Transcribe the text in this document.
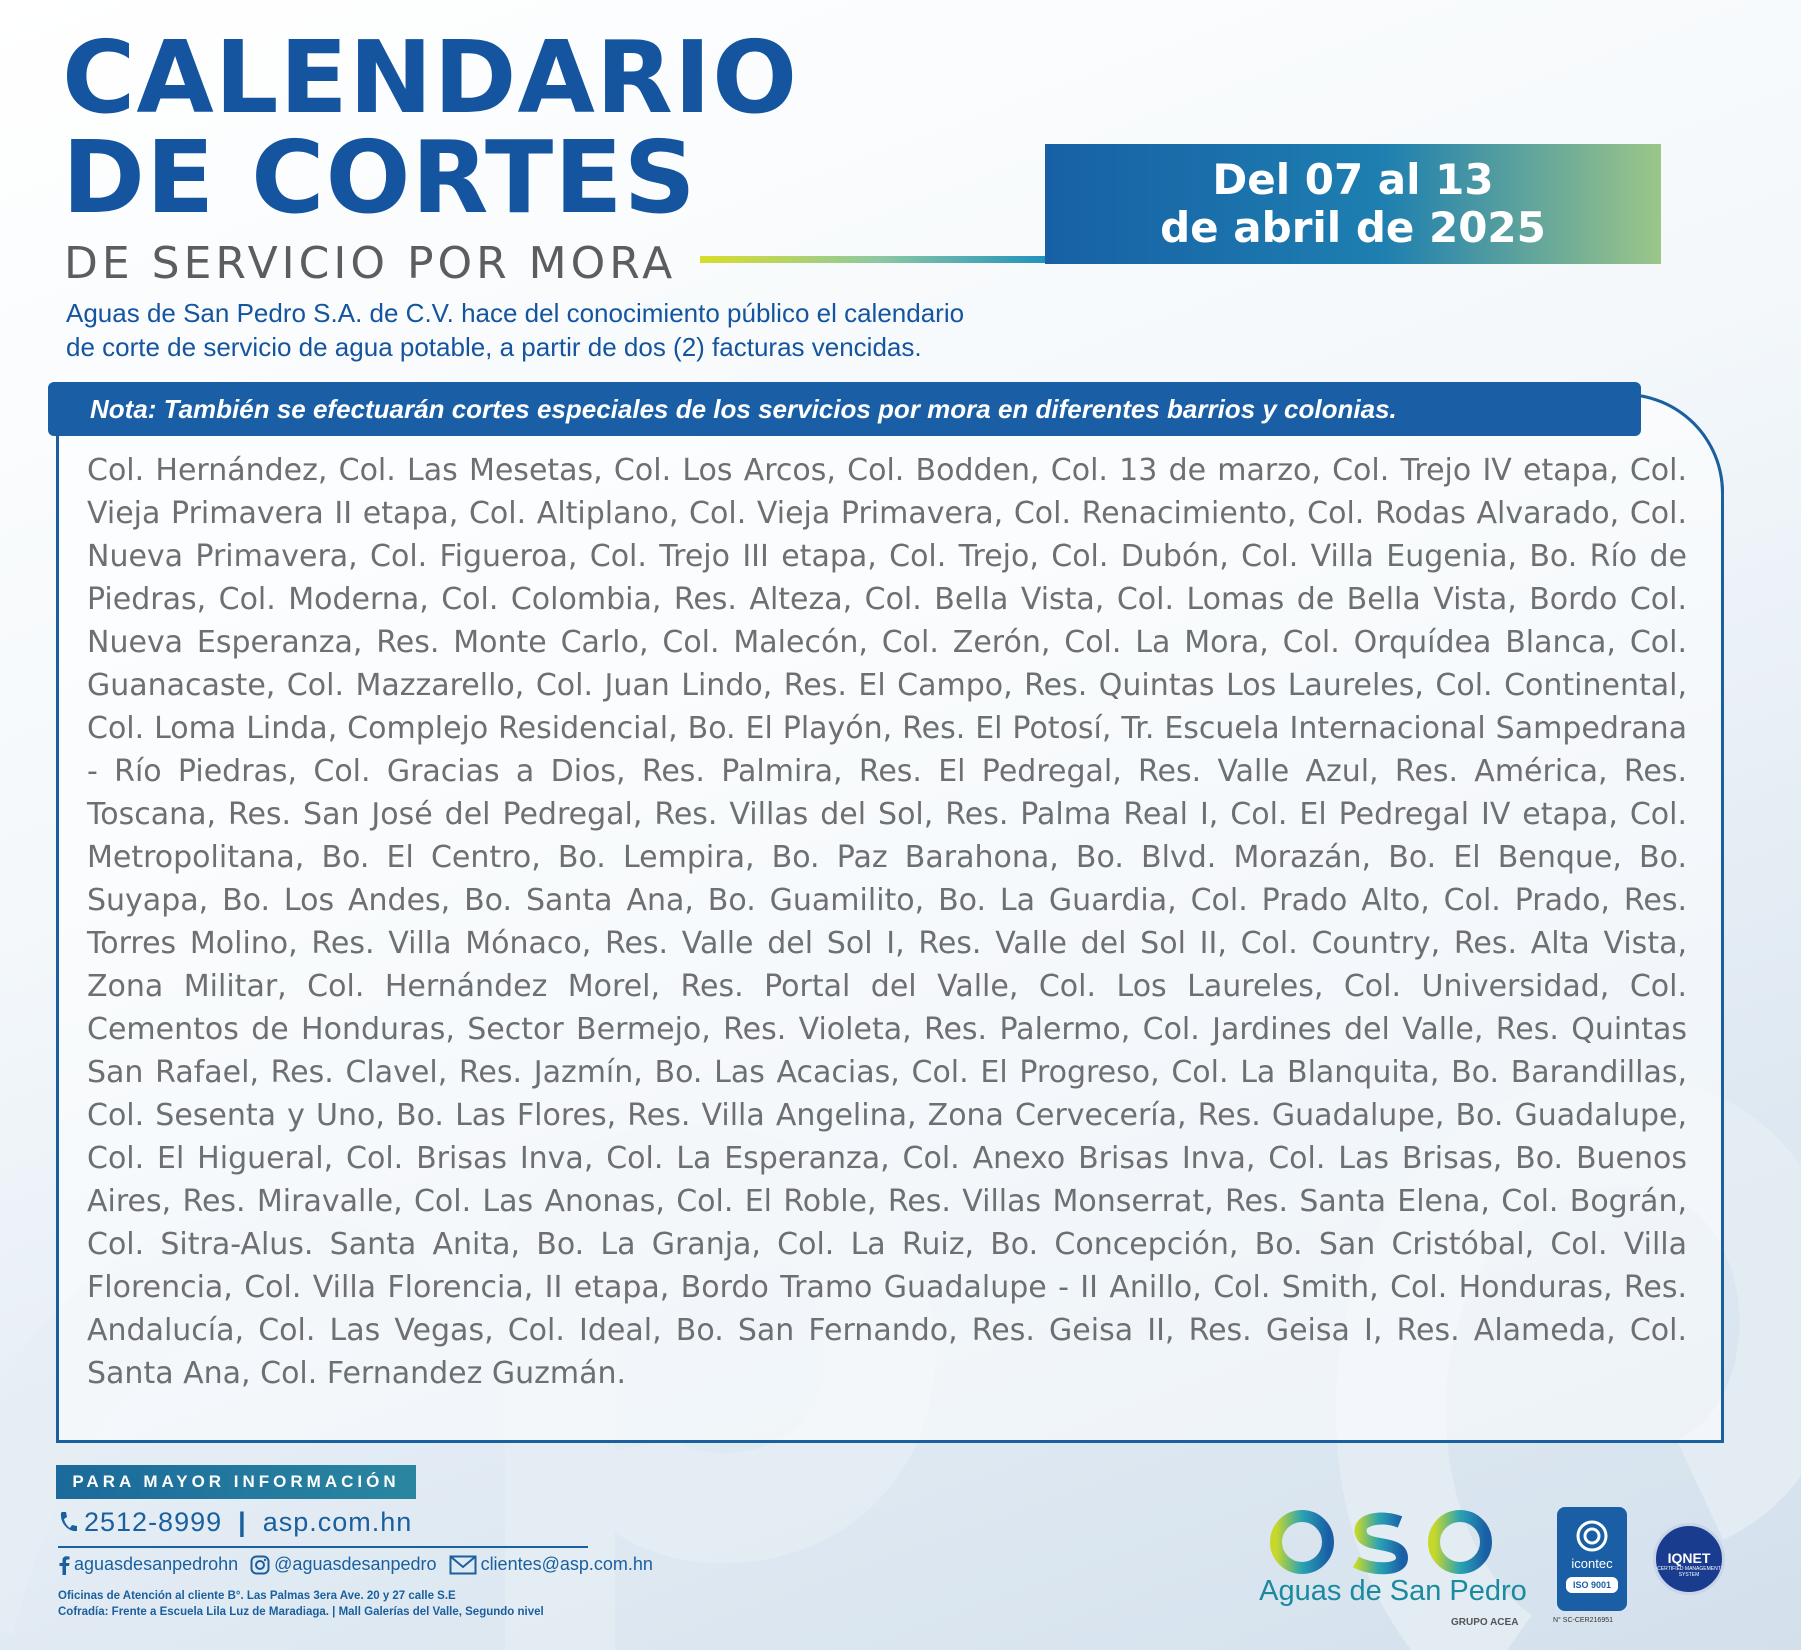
CALENDARIO
DE CORTES
DE SERVICIO POR MORA
Del 07 al 13
de abril de 2025

Aguas de San Pedro S.A. de C.V. hace del conocimiento público el calendario
de corte de servicio de agua potable, a partir de dos (2) facturas vencidas.

Nota: También se efectuarán cortes especiales de los servicios por mora en diferentes barrios y colonias.

Col. Hernández, Col. Las Mesetas, Col. Los Arcos, Col. Bodden, Col. 13 de marzo, Col. Trejo IV etapa, Col. Vieja Primavera II etapa, Col. Altiplano, Col. Vieja Primavera, Col. Renacimiento, Col. Rodas Alvarado, Col. Nueva Primavera, Col. Figueroa, Col. Trejo III etapa, Col. Trejo, Col. Dubón, Col. Villa Eugenia, Bo. Río de Piedras, Col. Moderna, Col. Colombia, Res. Alteza, Col. Bella Vista, Col. Lomas de Bella Vista, Bordo Col. Nueva Esperanza, Res. Monte Carlo, Col. Malecón, Col. Zerón, Col. La Mora, Col. Orquídea Blanca, Col. Guanacaste, Col. Mazzarello, Col. Juan Lindo, Res. El Campo, Res. Quintas Los Laureles, Col. Continental, Col. Loma Linda, Complejo Residencial, Bo. El Playón, Res. El Potosí, Tr. Escuela Internacional Sampedrana - Río Piedras, Col. Gracias a Dios, Res. Palmira, Res. El Pedregal, Res. Valle Azul, Res. América, Res. Toscana, Res. San José del Pedregal, Res. Villas del Sol, Res. Palma Real I, Col. El Pedregal IV etapa, Col. Metropolitana, Bo. El Centro, Bo. Lempira, Bo. Paz Barahona, Bo. Blvd. Morazán, Bo. El Benque, Bo. Suyapa, Bo. Los Andes, Bo. Santa Ana, Bo. Guamilito, Bo. La Guardia, Col. Prado Alto, Col. Prado, Res. Torres Molino, Res. Villa Mónaco, Res. Valle del Sol I, Res. Valle del Sol II, Col. Country, Res. Alta Vista, Zona Militar, Col. Hernández Morel, Res. Portal del Valle, Col. Los Laureles, Col. Universidad, Col. Cementos de Honduras, Sector Bermejo, Res. Violeta, Res. Palermo, Col. Jardines del Valle, Res. Quintas San Rafael, Res. Clavel, Res. Jazmín, Bo. Las Acacias, Col. El Progreso, Col. La Blanquita, Bo. Barandillas, Col. Sesenta y Uno, Bo. Las Flores, Res. Villa Angelina, Zona Cervecería, Res. Guadalupe, Bo. Guadalupe, Col. El Higueral, Col. Brisas Inva, Col. La Esperanza, Col. Anexo Brisas Inva, Col. Las Brisas, Bo. Buenos Aires, Res. Miravalle, Col. Las Anonas, Col. El Roble, Res. Villas Monserrat, Res. Santa Elena, Col. Bográn, Col. Sitra-Alus. Santa Anita, Bo. La Granja, Col. La Ruiz, Bo. Concepción, Bo. San Cristóbal, Col. Villa Florencia, Col. Villa Florencia, II etapa, Bordo Tramo Guadalupe - II Anillo, Col. Smith, Col. Honduras, Res. Andalucía, Col. Las Vegas, Col. Ideal, Bo. San Fernando, Res. Geisa II, Res. Geisa I, Res. Alameda, Col. Santa Ana, Col. Fernandez Guzmán.

PARA MAYOR INFORMACIÓN
2512-8999 | asp.com.hn
aguasdesanpedrohn @aguasdesanpedro clientes@asp.com.hn
Oficinas de Atención al cliente B°. Las Palmas 3era Ave. 20 y 27 calle S.E
Cofradía: Frente a Escuela Lila Luz de Maradiaga. | Mall Galerías del Valle, Segundo nivel
Aguas de San Pedro
GRUPO ACEA
icontec
ISO 9001
N° SC-CER216951
IQNET
CERTIFIED MANAGEMENT SYSTEM
